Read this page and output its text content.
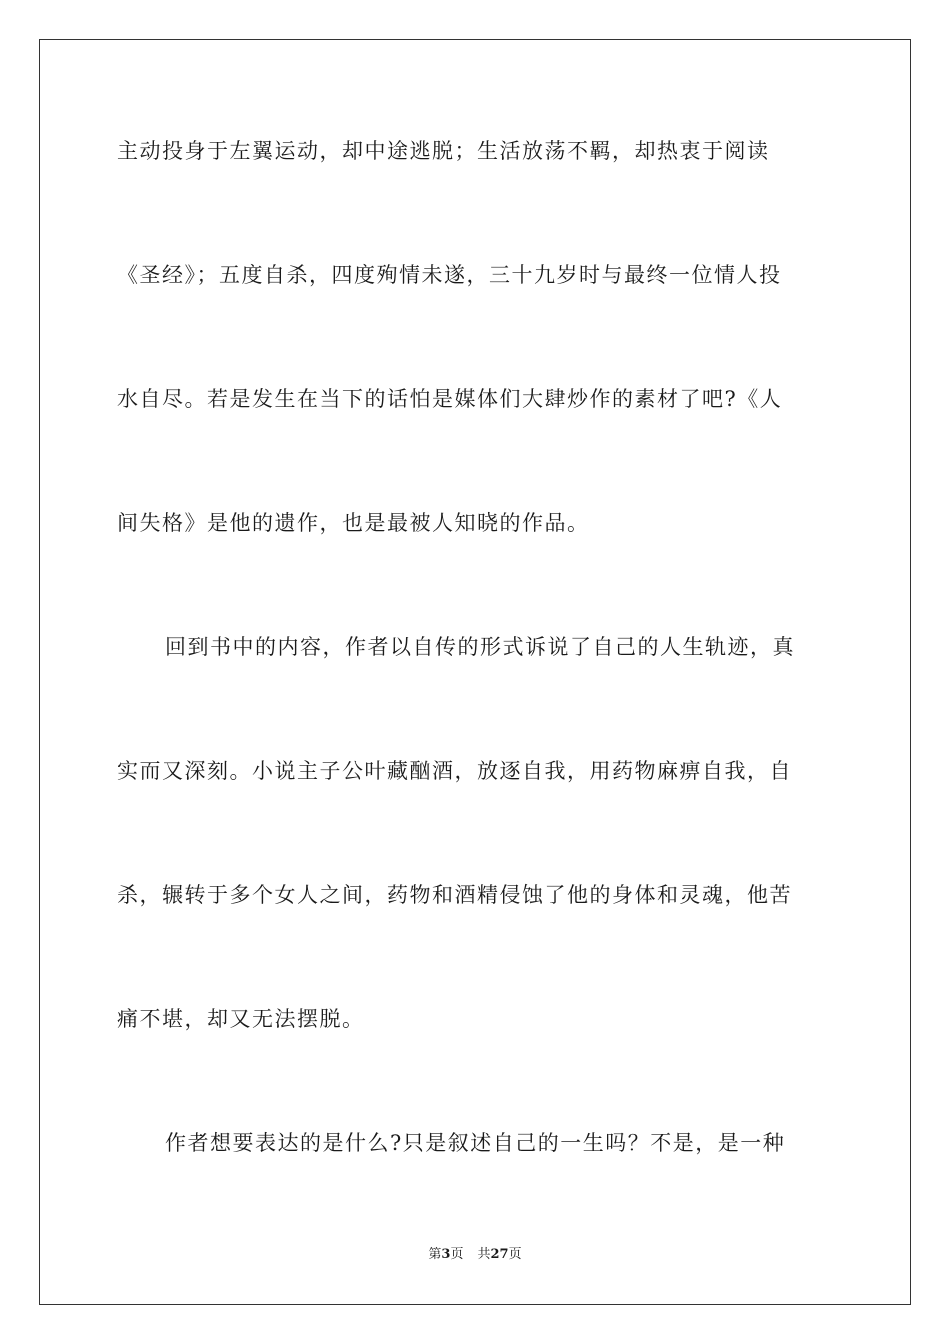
主动投身于左翼运动，却中途逃脱；生活放荡不羁，却热衷于阅读
《圣经》；五度自杀，四度殉情未遂，三十九岁时与最终一位情人投
水自尽。若是发生在当下的话怕是媒体们大肆炒作的素材了吧?《人
间失格》是他的遗作，也是最被人知晓的作品。
回到书中的内容，作者以自传的形式诉说了自己的人生轨迹，真
实而又深刻。小说主子公叶藏酗酒，放逐自我，用药物麻痹自我，自
杀，辗转于多个女人之间，药物和酒精侵蚀了他的身体和灵魂，他苦
痛不堪，却又无法摆脱。
作者想要表达的是什么?只是叙述自己的一生吗？不是，是一种
第3页 共27页
